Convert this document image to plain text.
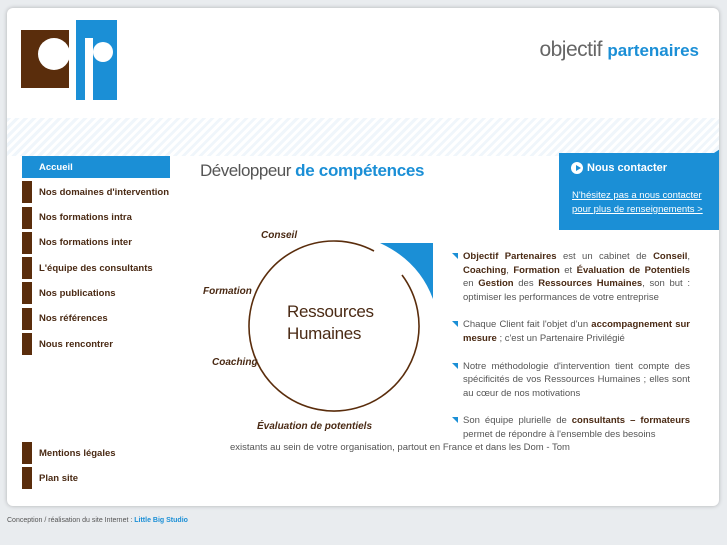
objectif partenaires
Accueil
Nos domaines d'intervention
Nos formations intra
Nos formations inter
L'équipe des consultants
Nos publications
Nos références
Nous rencontrer
Mentions légales
Plan site
Développeur de compétences
Conseil
Formation
Coaching
Évaluation de potentiels
Ressources
Humaines

Objectif Partenaires est un cabinet de Conseil, Coaching, Formation et Évaluation de Potentiels en Gestion des Ressources Humaines, son but : optimiser les performances de votre entreprise

Chaque Client fait l'objet d'un accompagnement sur mesure ; c'est un Partenaire Privilégié

Notre méthodologie d'intervention tient compte des spécificités de vos Ressources Humaines ; elles sont au cœur de nos motivations

Son équipe plurielle de consultants – formateurs permet de répondre à l'ensemble des besoins

existants au sein de votre organisation, partout en France et dans les Dom - Tom
Nous contacter
N'hésitez pas a nous contacter
pour plus de renseignements >
Conception / réalisation du site Internet : Little Big Studio
